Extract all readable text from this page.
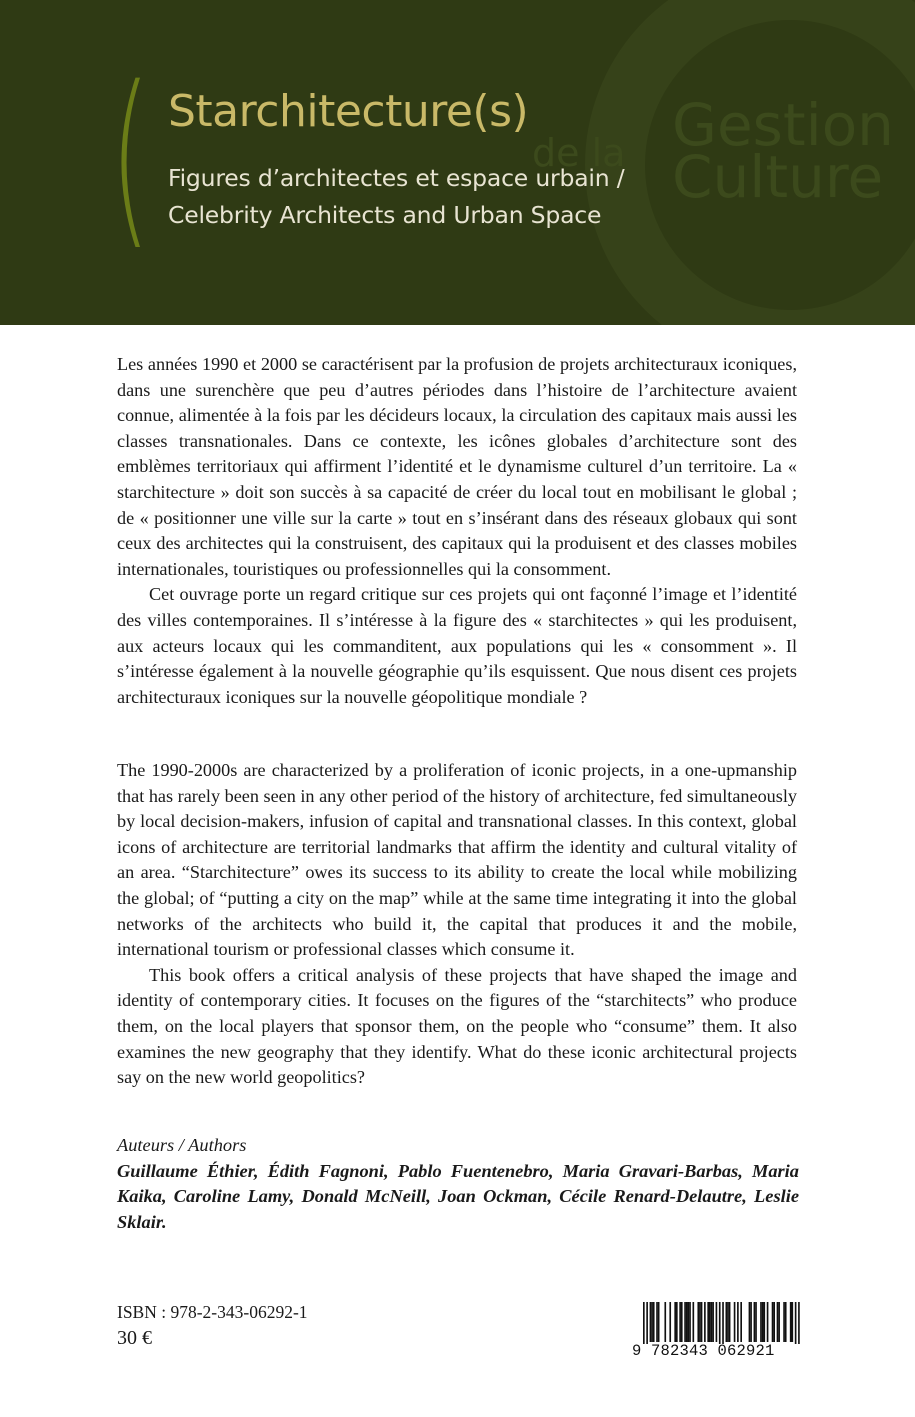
Gestion
Culture
de la
( Starchitecture(s)
Figures d’architectes et espace urbain /
Celebrity Architects and Urban Space

Les années 1990 et 2000 se caractérisent par la profusion de projets architecturaux iconiques, dans une surenchère que peu d’autres périodes dans l’histoire de l’architecture avaient connue, alimentée à la fois par les décideurs locaux, la circulation des capitaux mais aussi les classes transnationales. Dans ce contexte, les icônes globales d’architecture sont des emblèmes territoriaux qui affirment l’identité et le dynamisme culturel d’un territoire. La « starchitecture » doit son succès à sa capacité de créer du local tout en mobilisant le global ; de « positionner une ville sur la carte » tout en s’insérant dans des réseaux globaux qui sont ceux des architectes qui la construisent, des capitaux qui la produisent et des classes mobiles internationales, touristiques ou professionnelles qui la consomment.

Cet ouvrage porte un regard critique sur ces projets qui ont façonné l’image et l’identité des villes contemporaines. Il s’intéresse à la figure des « starchitectes » qui les produisent, aux acteurs locaux qui les commanditent, aux populations qui les « consomment ». Il s’intéresse également à la nouvelle géographie qu’ils esquissent. Que nous disent ces projets architecturaux iconiques sur la nouvelle géopolitique mondiale ?

The 1990-2000s are characterized by a proliferation of iconic projects, in a one-upmanship that has rarely been seen in any other period of the history of architecture, fed simultaneously by local decision-makers, infusion of capital and transnational classes. In this context, global icons of architecture are territorial landmarks that affirm the identity and cultural vitality of an area. “Starchitecture” owes its success to its ability to create the local while mobilizing the global; of “putting a city on the map” while at the same time integrating it into the global networks of the architects who build it, the capital that produces it and the mobile, international tourism or professional classes which consume it.

This book offers a critical analysis of these projects that have shaped the image and identity of contemporary cities. It focuses on the figures of the “starchitects” who produce them, on the local players that sponsor them, on the people who “consume” them. It also examines the new geography that they identify. What do these iconic architectural projects say on the new world geopolitics?

Auteurs / Authors
Guillaume Éthier, Édith Fagnoni, Pablo Fuentenebro, Maria Gravari-Barbas, Maria Kaika, Caroline Lamy, Donald McNeill, Joan Ockman, Cécile Renard-Delautre, Leslie Sklair.
ISBN : 978-2-343-06292-1
30 €
9 782343 062921
